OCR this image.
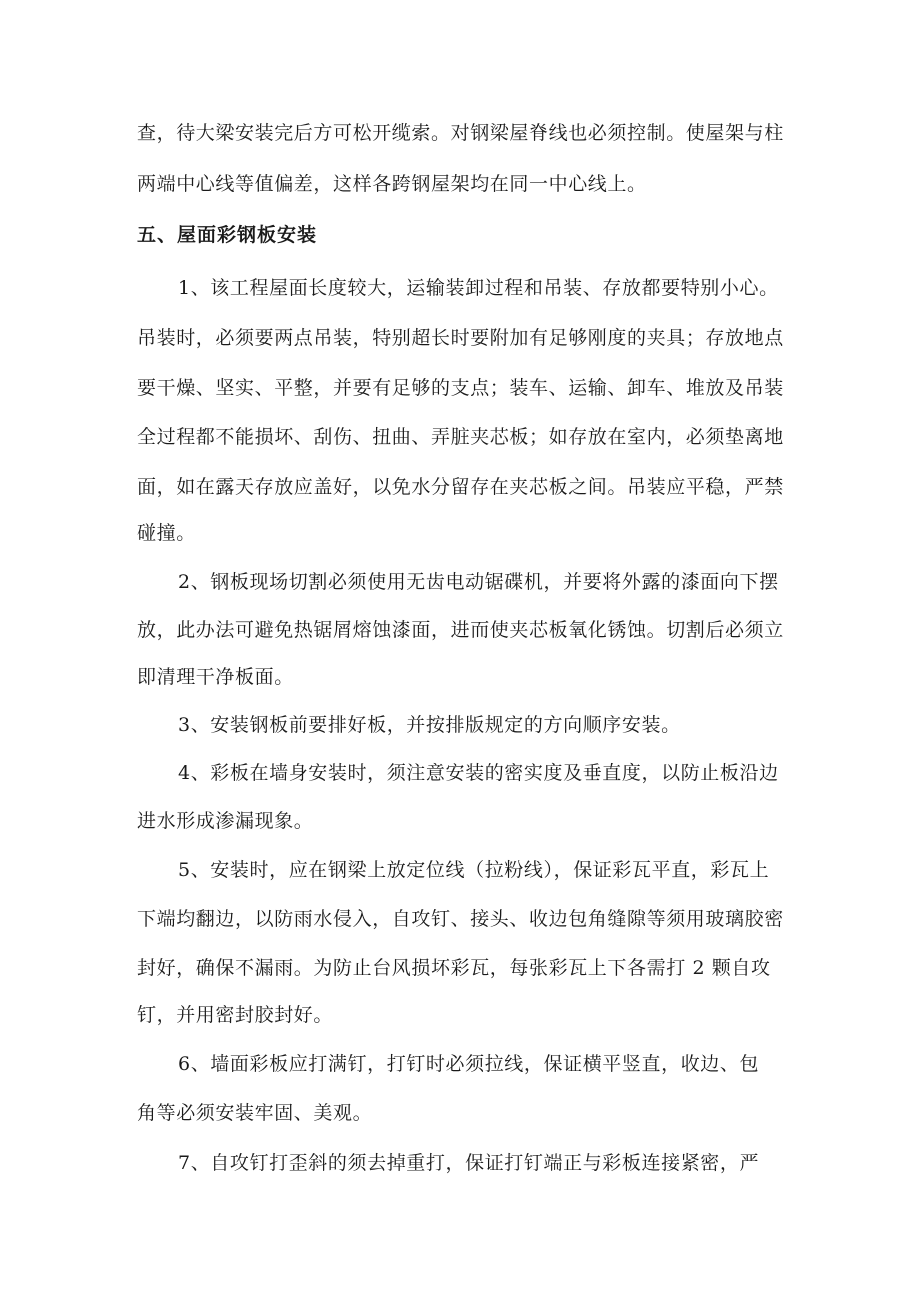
查，待大梁安装完后方可松开缆索。对钢梁屋脊线也必须控制。使屋架与柱
两端中心线等值偏差，这样各跨钢屋架均在同一中心线上。
五、屋面彩钢板安装
1、该工程屋面长度较大，运输装卸过程和吊装、存放都要特别小心。
吊装时，必须要两点吊装，特别超长时要附加有足够刚度的夹具；存放地点
要干燥、坚实、平整，并要有足够的支点；装车、运输、卸车、堆放及吊装
全过程都不能损坏、刮伤、扭曲、弄脏夹芯板；如存放在室内，必须垫离地
面，如在露天存放应盖好，以免水分留存在夹芯板之间。吊装应平稳，严禁
碰撞。
2、钢板现场切割必须使用无齿电动锯碟机，并要将外露的漆面向下摆
放，此办法可避免热锯屑熔蚀漆面，进而使夹芯板氧化锈蚀。切割后必须立
即清理干净板面。
3、安装钢板前要排好板，并按排版规定的方向顺序安装。
4、彩板在墙身安装时，须注意安装的密实度及垂直度，以防止板沿边
进水形成渗漏现象。
5、安装时，应在钢梁上放定位线（拉粉线），保证彩瓦平直，彩瓦上
下端均翻边，以防雨水侵入，自攻钉、接头、收边包角缝隙等须用玻璃胶密
封好，确保不漏雨。为防止台风损坏彩瓦，每张彩瓦上下各需打 2 颗自攻
钉，并用密封胶封好。
6、墙面彩板应打满钉，打钉时必须拉线，保证横平竖直，收边、包
角等必须安装牢固、美观。
7、自攻钉打歪斜的须去掉重打，保证打钉端正与彩板连接紧密，严
